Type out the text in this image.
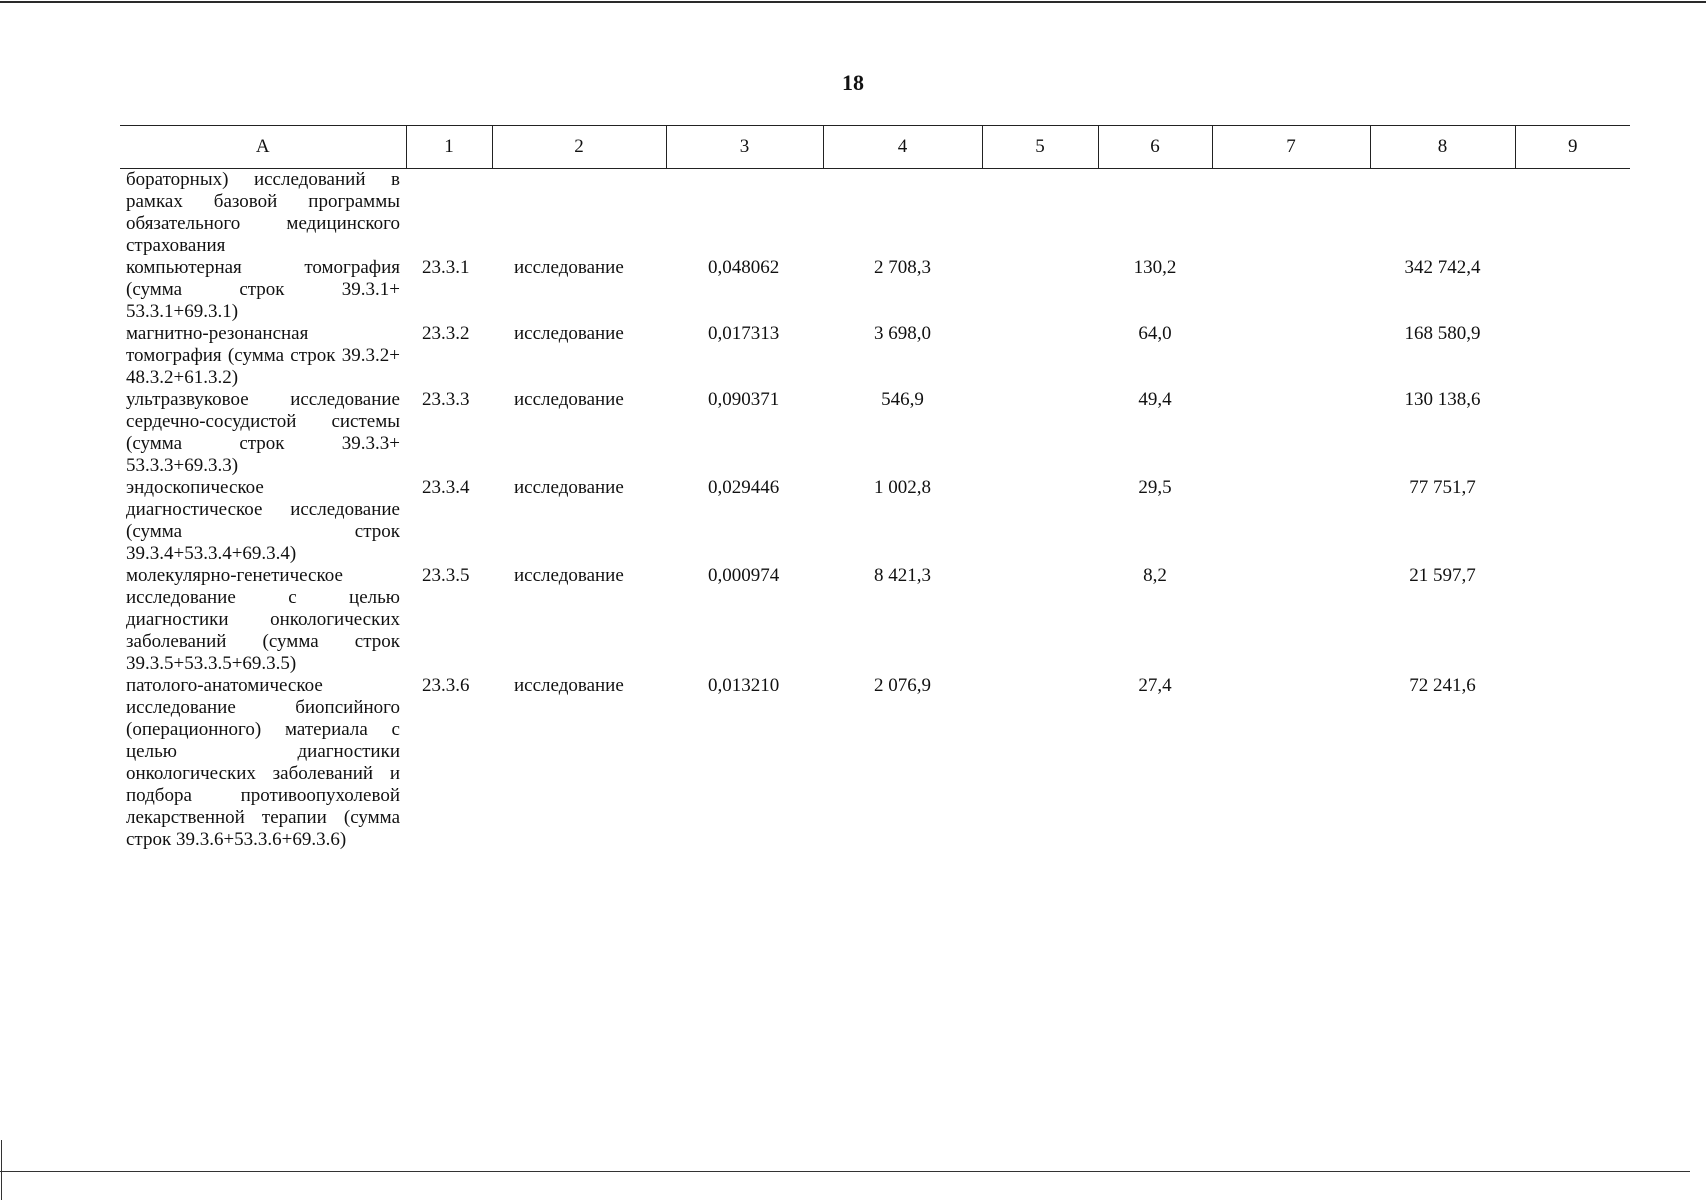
18
А	1	2	3	4	5	6	7	8	9
бораторных) исследований в рамках базовой программы обязательного медицинского страхования									
компьютерная томография (сумма строк 39.3.1+ 53.3.1+69.3.1)	23.3.1	исследование	0,048062	2 708,3		130,2		342 742,4	
магнитно-резонансная томография (сумма строк 39.3.2+ 48.3.2+61.3.2)	23.3.2	исследование	0,017313	3 698,0		64,0		168 580,9	
ультразвуковое исследование сердечно-сосудистой системы (сумма строк 39.3.3+ 53.3.3+69.3.3)	23.3.3	исследование	0,090371	546,9		49,4		130 138,6	
эндоскопическое диагностическое исследование (сумма строк 39.3.4+53.3.4+69.3.4)	23.3.4	исследование	0,029446	1 002,8		29,5		77 751,7	
молекулярно-генетическое исследование с целью диагностики онкологических заболеваний (сумма строк 39.3.5+53.3.5+69.3.5)	23.3.5	исследование	0,000974	8 421,3		8,2		21 597,7	
патолого-анатомическое исследование биопсийного (операционного) материала с целью диагностики онкологических заболеваний и подбора противоопухолевой лекарственной терапии (сумма строк 39.3.6+53.3.6+69.3.6)	23.3.6	исследование	0,013210	2 076,9		27,4		72 241,6	
